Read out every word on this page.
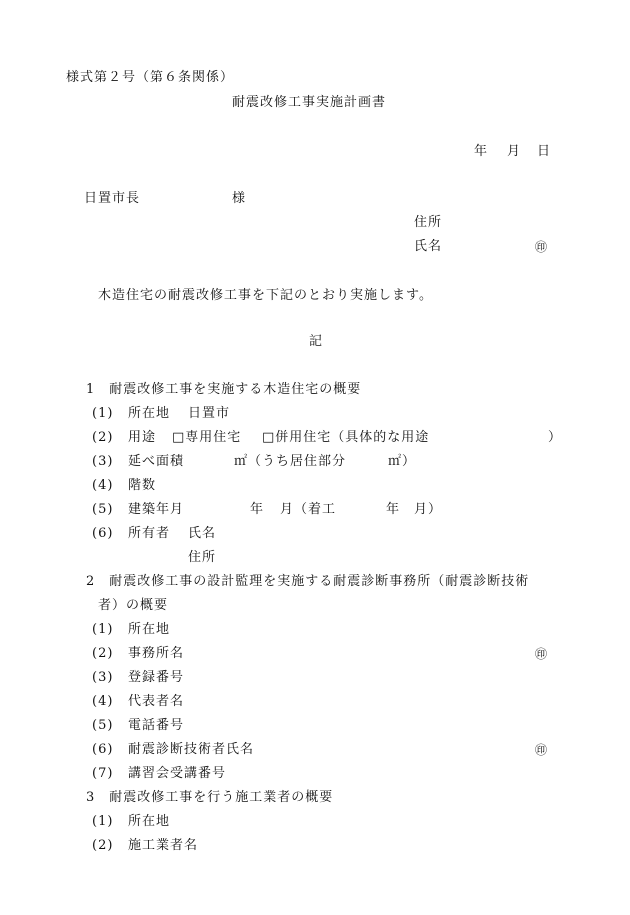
様式第２号（第６条関係）
耐震改修工事実施計画書
年 月 日
日置市長	様
住所
氏名	㊞
木造住宅の耐震改修工事を下記のとおり実施します。
記
1　耐震改修工事を実施する木造住宅の概要
(1) 所在地 日置市
(2) 用途 □専用住宅 □併用住宅（具体的な用途	）
(3) 延べ面積	㎡（うち居住部分	㎡）
(4) 階数
(5) 建築年月	年 月（着工	年 月）
(6) 所有者 氏名
住所
2　耐震改修工事の設計監理を実施する耐震診断事務所（耐震診断技術
者）の概要
(1) 所在地
(2) 事務所名	㊞
(3) 登録番号
(4) 代表者名
(5) 電話番号
(6) 耐震診断技術者氏名	㊞
(7) 講習会受講番号
3　耐震改修工事を行う施工業者の概要
(1) 所在地
(2) 施工業者名
